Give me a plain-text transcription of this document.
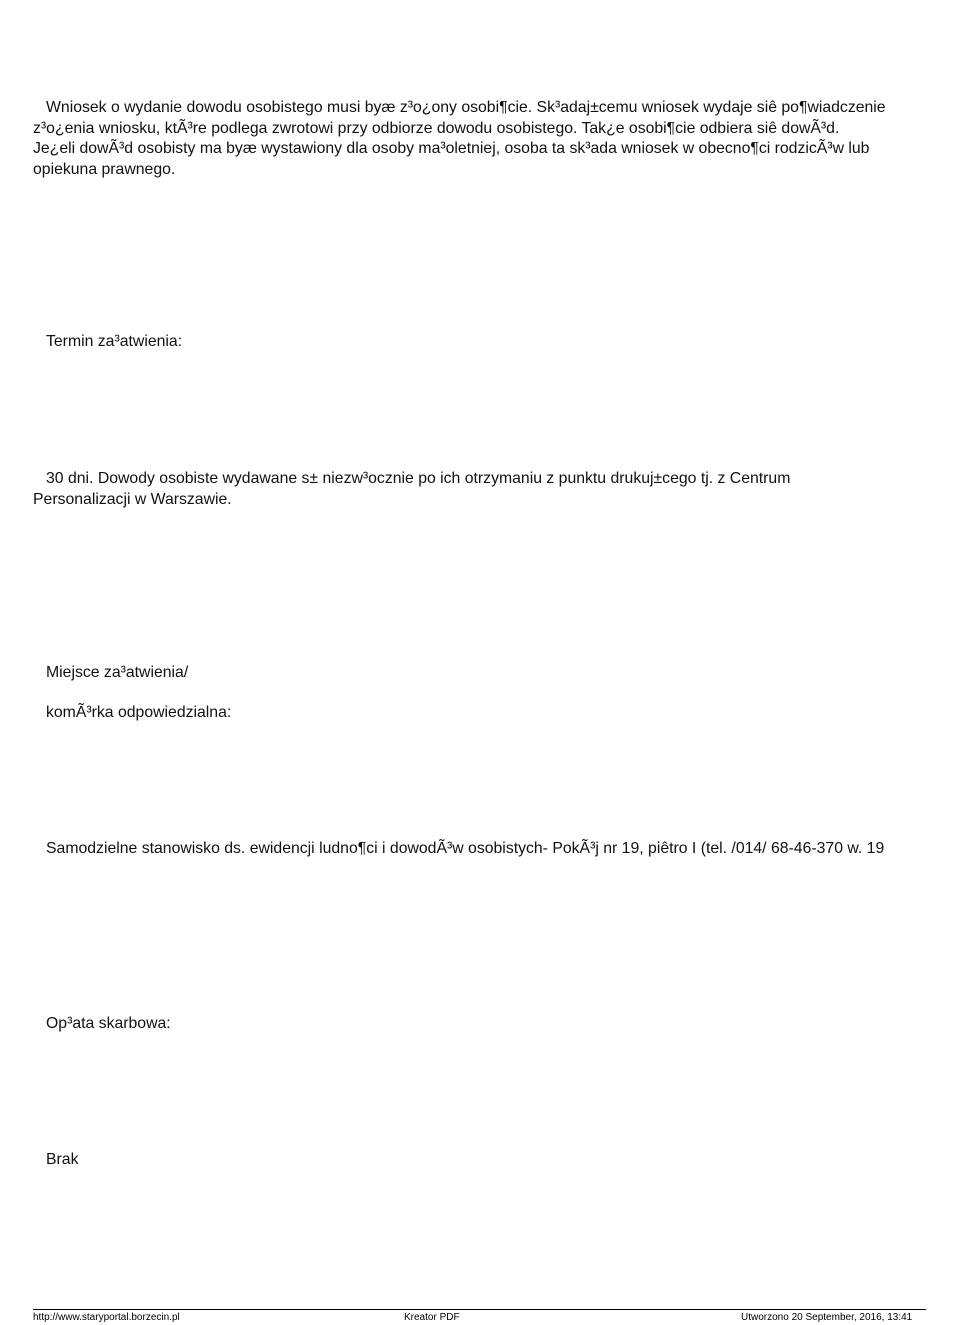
Wniosek o wydanie dowodu osobistego musi byæ z³o¿ony osobi¶cie. Sk³adaj±cemu wniosek wydaje siê po¶wiadczenie
z³o¿enia wniosku, ktÃ³re podlega zwrotowi przy odbiorze dowodu osobistego. Tak¿e osobi¶cie odbiera siê dowÃ³d.
Je¿eli dowÃ³d osobisty ma byæ wystawiony dla osoby ma³oletniej, osoba ta sk³ada wniosek w obecno¶ci rodzicÃ³w lub
opiekuna prawnego.
Termin za³atwienia:
30 dni. Dowody osobiste wydawane s± niezw³ocznie po ich otrzymaniu z punktu drukuj±cego tj. z Centrum
Personalizacji w Warszawie.
Miejsce za³atwienia/
komÃ³rka odpowiedzialna:
Samodzielne stanowisko ds. ewidencji ludno¶ci i dowodÃ³w osobistych- PokÃ³j nr 19, piêtro I (tel. /014/ 68-46-370 w. 19
Op³ata skarbowa:
Brak
http://www.staryportal.borzecin.pl	Kreator PDF	Utworzono 20 September, 2016, 13:41
